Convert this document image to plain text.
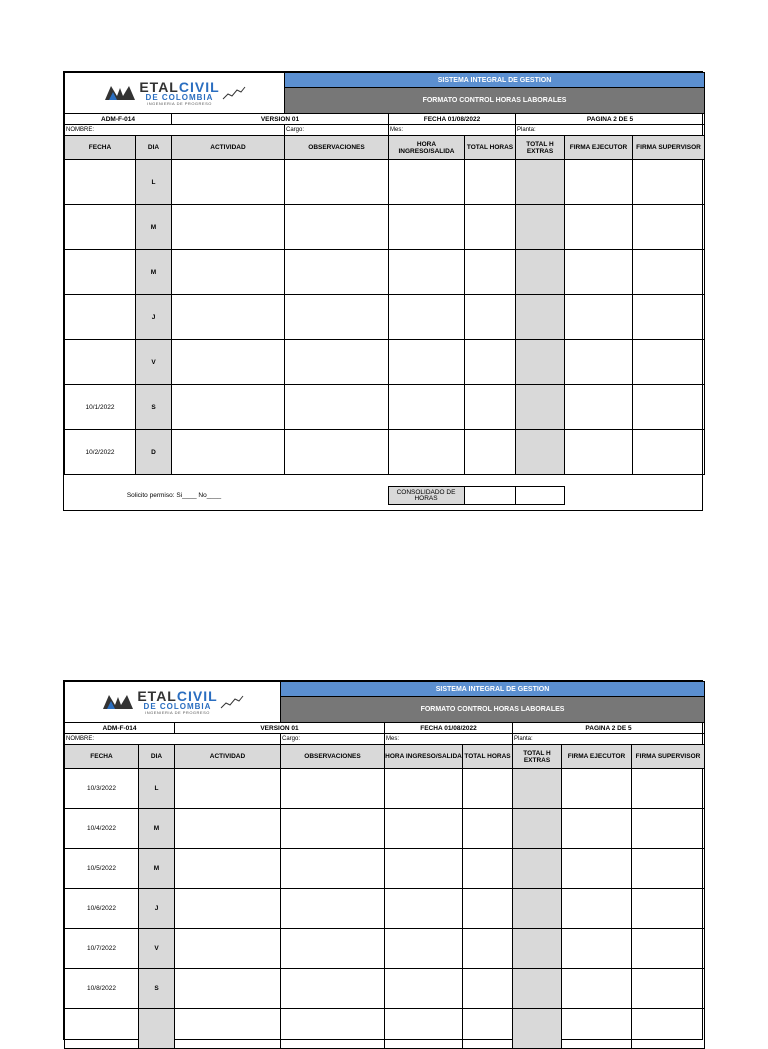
ETALCIVIL
DE COLOMBIA
INGENIERIA DE PROGRESO			SISTEMA INTEGRAL DE GESTION					
			FORMATO CONTROL HORAS LABORALES					
ADM-F-014		VERSION 01		FECHA 01/08/2022		PAGINA 2 DE 5		
NOMBRE:			Cargo:	Mes:		Planta:		
FECHA	DIA	ACTIVIDAD	OBSERVACIONES	HORA INGRESO/SALIDA	TOTAL HORAS	TOTAL H EXTRAS	FIRMA EJECUTOR	FIRMA SUPERVISOR
	L							
	M							
	M							
	J							
	V							
10/1/2022	S							
10/2/2022	D							
Solicito permiso: Si____ No____		CONSOLIDADO DE HORAS				
ETALCIVIL
DE COLOMBIA
INGENIERIA DE PROGRESO			SISTEMA INTEGRAL DE GESTION					
			FORMATO CONTROL HORAS LABORALES					
ADM-F-014		VERSION 01		FECHA 01/08/2022		PAGINA 2 DE 5		
NOMBRE:			Cargo:	Mes:		Planta:		
FECHA	DIA	ACTIVIDAD	OBSERVACIONES	HORA INGRESO/SALIDA	TOTAL HORAS	TOTAL H EXTRAS	FIRMA EJECUTOR	FIRMA SUPERVISOR
10/3/2022	L							
10/4/2022	M							
10/5/2022	M							
10/6/2022	J							
10/7/2022	V							
10/8/2022	S							
